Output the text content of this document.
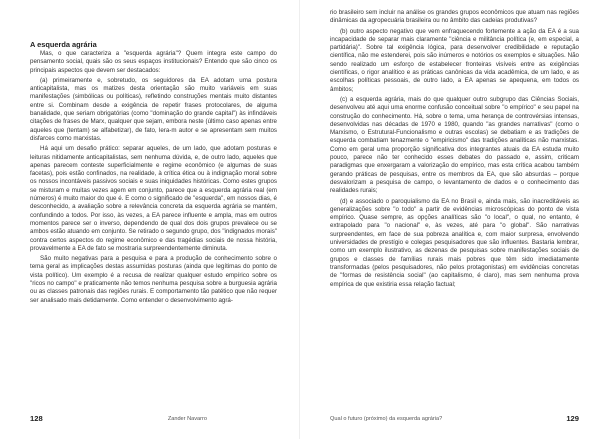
A esquerda agrária

Mas, o que caracteriza a "esquerda agrária"? Quem integra este campo do pensamento social, quais são os seus espaços institucionais? Entendo que são cinco os principais aspectos que devem ser destacados:

(a) primeiramente e, sobretudo, os seguidores da EA adotam uma postura anticapitalista, mas os matizes desta orientação são muito variáveis em suas manifestações (simbólicas ou políticas), refletindo construções mentais muito distantes entre si. Combinam desde a exigência de repetir frases protocolares, de alguma banalidade, que seriam obrigatórias (como "dominação do grande capital") às infindáveis citações de frases de Marx, qualquer que sejam, embora neste (último caso apenas entre aqueles que (tentam) se alfabetizar), de fato, lera-m autor e se apresentam sem muitos disfarces como marxistas.

Há aqui um desafio prático: separar aqueles, de um lado, que adotam posturas e leituras nitidamente anticapitalistas, sem nenhuma dúvida, e, de outro lado, aqueles que apenas parecem conteste superficialmente e regime econômico (e algumas de suas facetas), pois estão confinados, na realidade, à crítica ética ou à indignação moral sobre os nossos incontáveis passivos sociais e suas iniquidades históricas. Como estes grupos se misturam e muitas vezes agem em conjunto, parece que a esquerda agrária real (em números) é muito maior do que é. E como o significado de "esquerda", em nossos dias, é desconhecido, a avaliação sobre a relevância concreta da esquerda agrária se mantém, confundindo a todos. Por isso, às vezes, a EA parece influente e ampla, mas em outros momentos parece ser o inverso, dependendo de qual dos dois grupos prevalece ou se ambos estão atuando em conjunto. Se retirado o segundo grupo, dos "indignados morais" contra certos aspectos do regime econômico e das tragédias sociais de nossa história, provavelmente a EA de fato se mostraria surpreendentemente diminuta.

São muito negativas para a pesquisa e para a produção de conhecimento sobre o tema geral as implicações destas assumidas posturas (ainda que legítimas do ponto de vista político). Um exemplo é a recusa de realizar qualquer estudo empírico sobre os "ricos no campo" e praticamente não temos nenhuma pesquisa sobre a burguesia agrária ou as classes patronais das regiões rurais. E comportamento tão patético que não requer ser analisado mais detidamente. Como entender o desenvolvimento agrá-

128	Zander Navarro

rio brasileiro sem incluir na análise os grandes grupos econômicos que atuam nas regiões dinâmicas da agropecuária brasileira ou no âmbito das cadeias produtivas?

(b) outro aspecto negativo que vem enfraquecendo fortemente a ação da EA é a sua incapacidade de separar mais claramente "ciência e militância política (e, em especial, a partidária)". Sobre tal exigência lógica, para desenvolver credibilidade e reputação científica, não me estenderei, pois são inúmeros e notórios os exemplos e situações. Não sendo realizado um esforço de estabelecer fronteiras visíveis entre as exigências científicas, o rigor analítico e as práticas canônicas da vida acadêmica, de um lado, e as escolhas políticas pessoais, de outro lado, a EA apenas se apequena, em todos os âmbitos;

(c) a esquerda agrária, mais do que qualquer outro subgrupo das Ciências Sociais, desenvolveu até aqui uma enorme confusão conceitual sobre "o empírico" e seu papel na construção do conhecimento. Há, sobre o tema, uma herança de controvérsias intensas, desenvolvidas nas décadas de 1970 e 1980, quando "as grandes narrativas" (como o Marxismo, o Estrutural-Funcionalismo e outras escolas) se debatiam e as tradições de esquerda combatiam tenazmente o "empiricismo" das tradições analíticas não marxistas. Como em geral uma proporção significativa dos integrantes atuais da EA estuda muito pouco, parece não ter conhecido esses debates do passado e, assim, criticam paradigmas que enxergaram a valorização do empírico, mas esta crítica acabou também gerando práticas de pesquisas, entre os membros da EA, que são absurdas – porque desvalorizam a pesquisa de campo, o levantamento de dados e o conhecimento das realidades rurais;

(d) e associado o paroquialismo da EA no Brasil e, ainda mais, são inacreditáveis as generalizações sobre "o todo" a partir de evidências microscópicas do ponto de vista empírico. Quase sempre, as opções analíticas são "o local", o qual, no entanto, é extrapolado para "o nacional" e, às vezes, até para "o global". São narrativas surpreendentes, em face de sua pobreza analítica e, com maior surpresa, envolvendo universidades de prestígio e colegas pesquisadores que são influentes. Bastaria lembrar, como um exemplo ilustrativo, as dezenas de pesquisas sobre manifestações sociais de grupos e classes de famílias rurais mais pobres que têm sido imediatamente transformadas (pelos pesquisadores, não pelos protagonistas) em evidências concretas de "formas de resistência social" (ao capitalismo, é claro), mas sem nenhuma prova empírica de que existiria essa relação factual;

Qual o futuro (próximo) da esquerda agrária?	129
